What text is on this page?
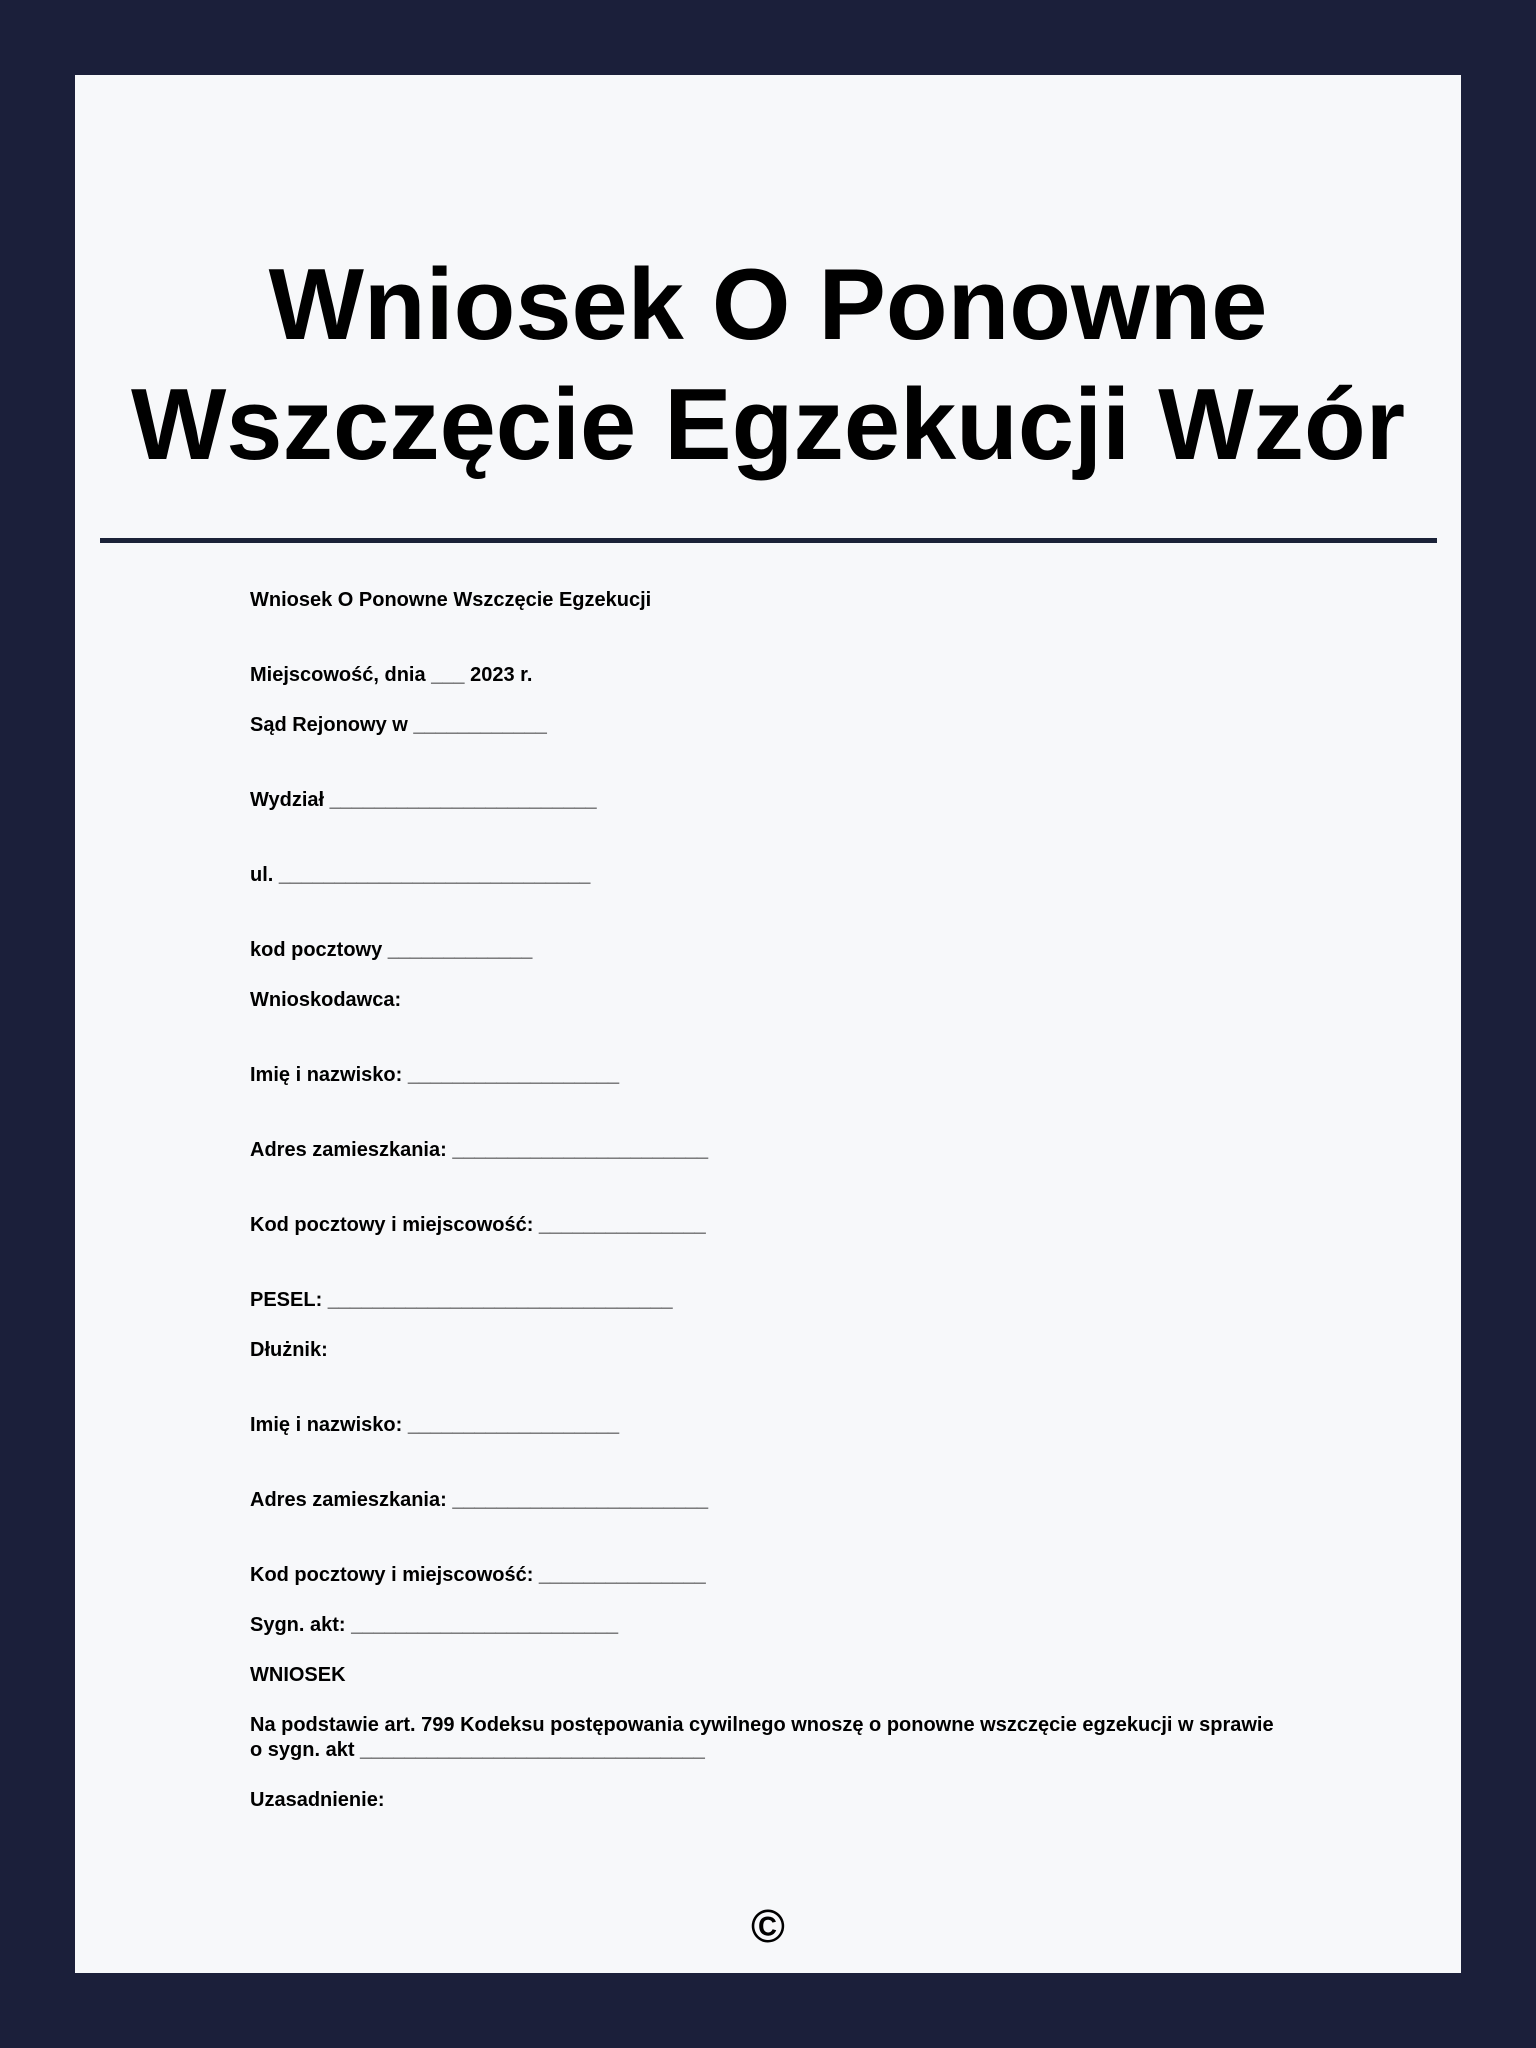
Wniosek O Ponowne
Wszczęcie Egzekucji Wzór

Wniosek O Ponowne Wszczęcie Egzekucji

Miejscowość, dnia ___ 2023 r.

Sąd Rejonowy w ____________

Wydział ________________________

ul. ____________________________

kod pocztowy _____________

Wnioskodawca:

Imię i nazwisko: ___________________

Adres zamieszkania: _______________________

Kod pocztowy i miejscowość: _______________

PESEL: _______________________________

Dłużnik:

Imię i nazwisko: ___________________

Adres zamieszkania: _______________________

Kod pocztowy i miejscowość: _______________

Sygn. akt: ________________________

WNIOSEK

Na podstawie art. 799 Kodeksu postępowania cywilnego wnoszę o ponowne wszczęcie egzekucji w sprawie o sygn. akt _______________________________

Uzasadnienie:

©
